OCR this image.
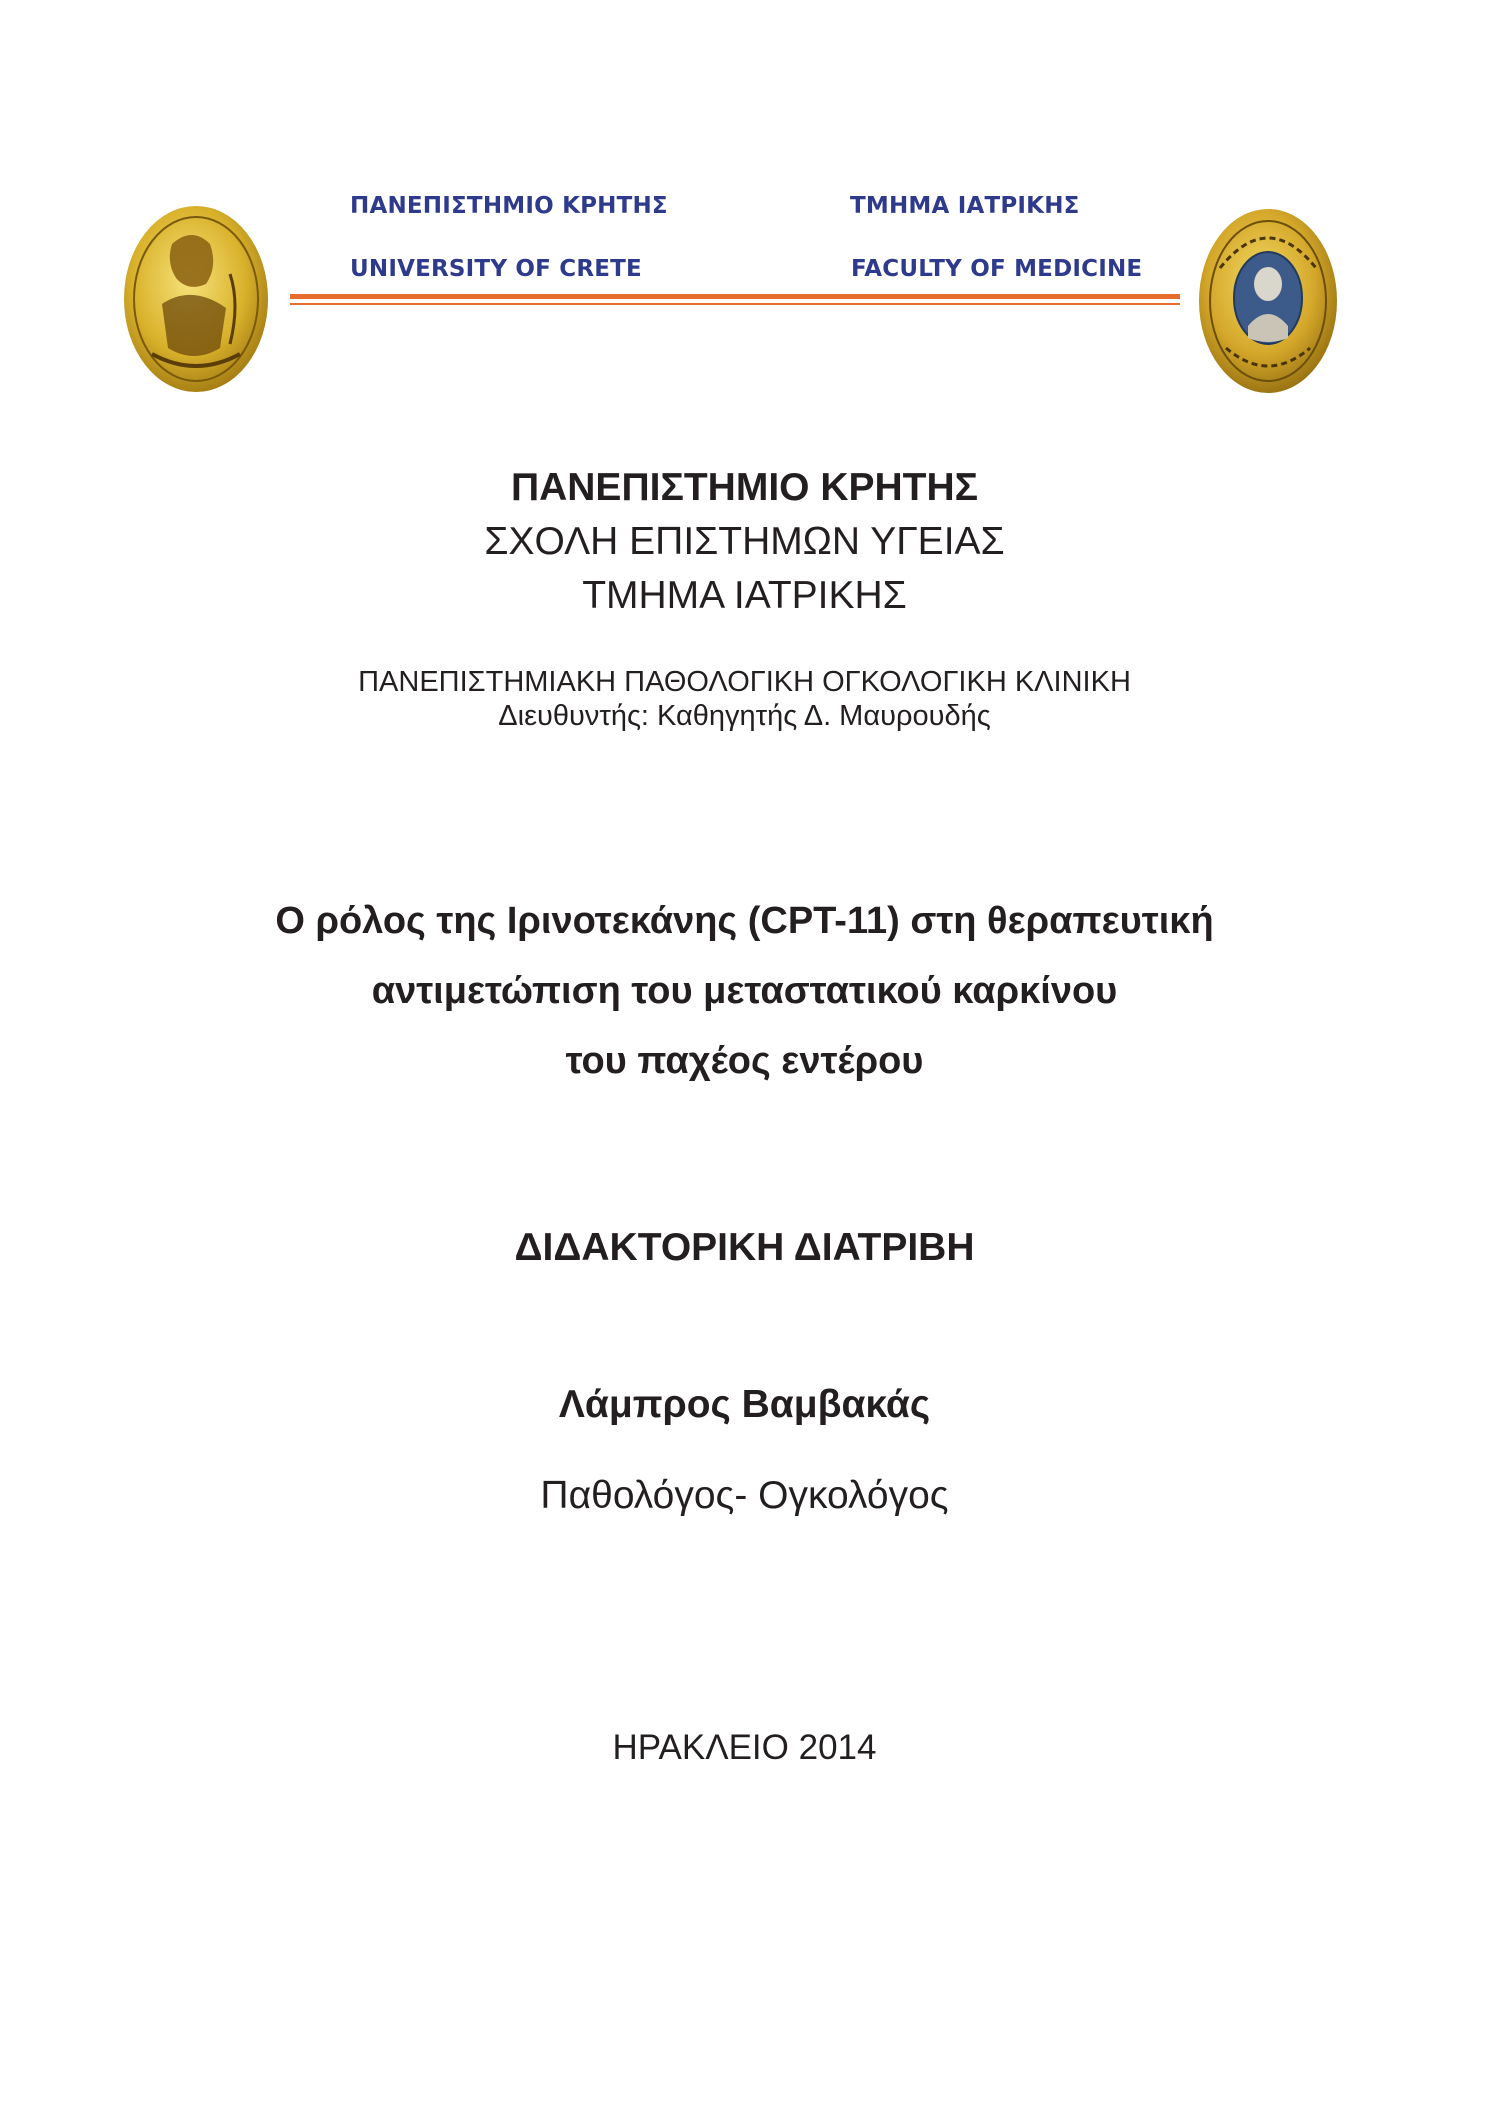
ΠΑΝΕΠΙΣΤΗΜΙΟ ΚΡΗΤΗΣ	ΤΜΗΜΑ ΙΑΤΡΙΚΗΣ
UNIVERSITY OF CRETE	FACULTY OF MEDICINE
ΠΑΝΕΠΙΣΤΗΜΙΟ ΚΡΗΤΗΣ
ΣΧΟΛΗ ΕΠΙΣΤΗΜΩΝ ΥΓΕΙΑΣ
ΤΜΗΜΑ ΙΑΤΡΙΚΗΣ
ΠΑΝΕΠΙΣΤΗΜΙΑΚΗ ΠΑΘΟΛΟΓΙΚΗ ΟΓΚΟΛΟΓΙΚΗ ΚΛΙΝΙΚΗ
Διευθυντής: Καθηγητής Δ. Μαυρουδής
Ο ρόλος της Ιρινοτεκάνης (CPT-11) στη θεραπευτική
αντιμετώπιση του μεταστατικού καρκίνου
του παχέος εντέρου
ΔΙΔΑΚΤΟΡΙΚΗ ΔΙΑΤΡΙΒΗ
Λάμπρος Βαμβακάς
Παθολόγος- Ογκολόγος
ΗΡΑΚΛΕΙΟ 2014
